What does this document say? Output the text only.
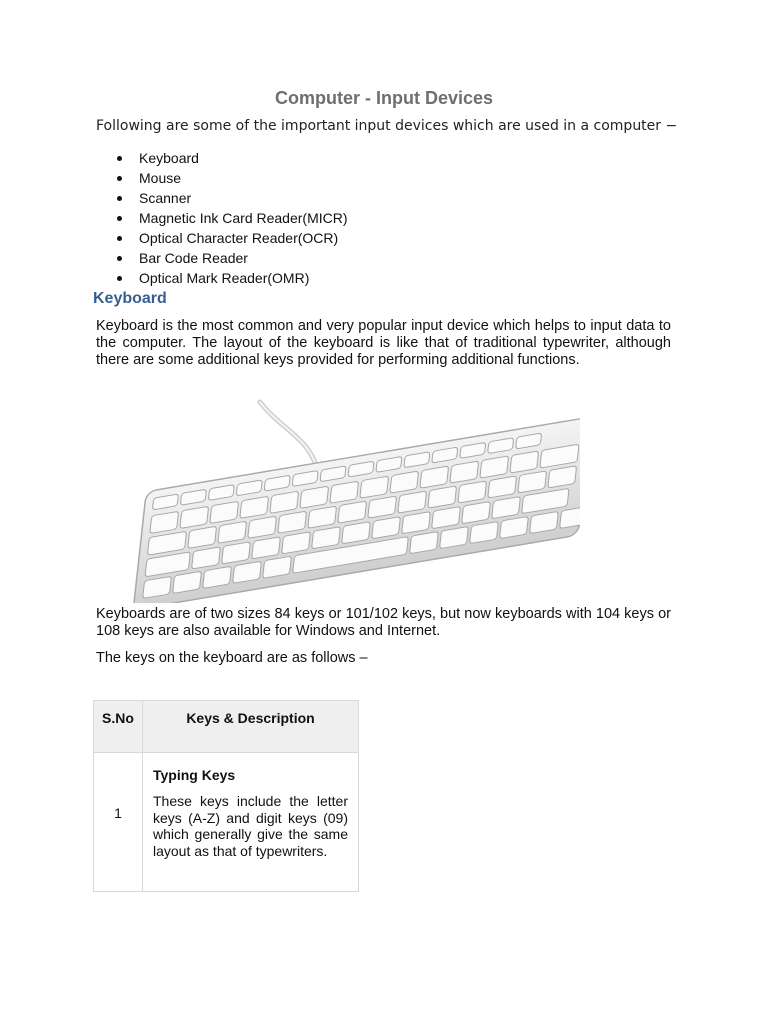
Computer - Input Devices
Following are some of the important input devices which are used in a computer −
Keyboard
Mouse
Scanner
Magnetic Ink Card Reader(MICR)
Optical Character Reader(OCR)
Bar Code Reader
Optical Mark Reader(OMR)
Keyboard
Keyboard is the most common and very popular input device which helps to input data to the computer. The layout of the keyboard is like that of traditional typewriter, although there are some additional keys provided for performing additional functions.
Keyboards are of two sizes 84 keys or 101/102 keys, but now keyboards with 104 keys or 108 keys are also available for Windows and Internet.
The keys on the keyboard are as follows –
S.No	Keys & Description
1
Typing Keys
These keys include the letter keys (A-Z) and digit keys (09) which generally give the same layout as that of typewriters.
